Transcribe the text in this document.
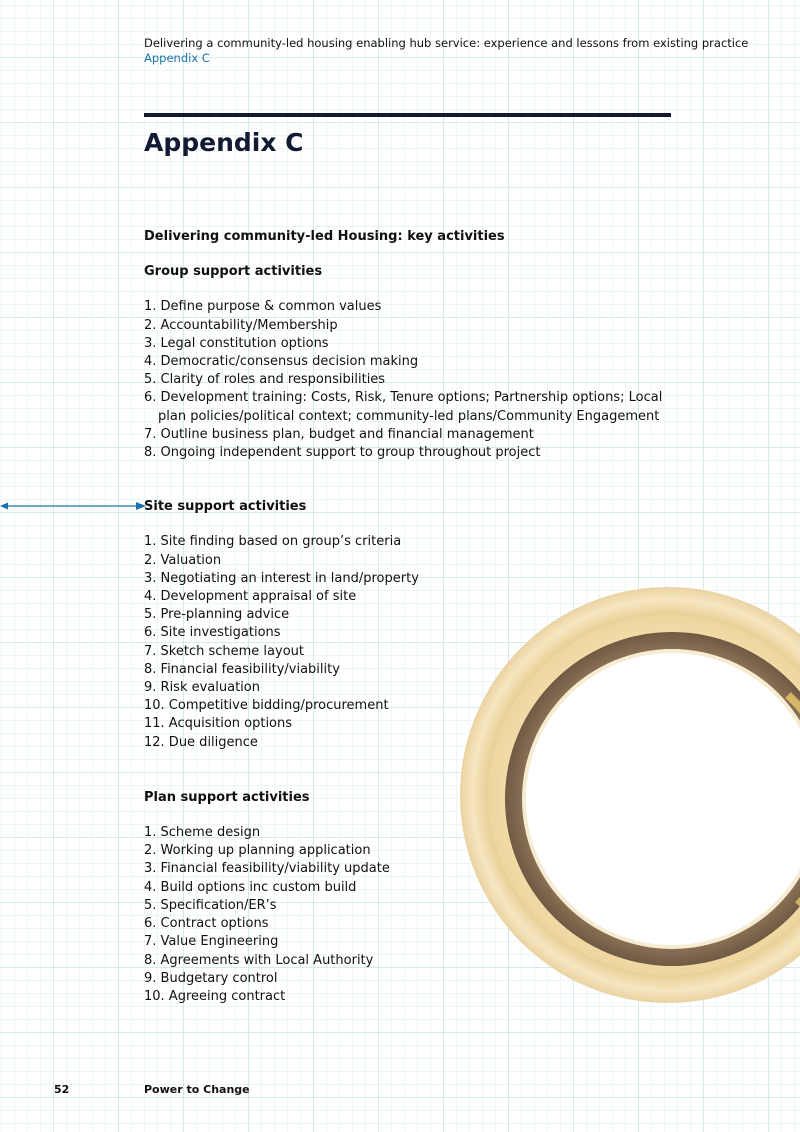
Delivering a community-led housing enabling hub service: experience and lessons from existing practice
Appendix C
Appendix C
Delivering community-led Housing: key activities
Group support activities
1. Define purpose & common values
2. Accountability/Membership
3. Legal constitution options
4. Democratic/consensus decision making
5. Clarity of roles and responsibilities
6. Development training: Costs, Risk, Tenure options; Partnership options; Local plan policies/political context; community-led plans/Community Engagement
7. Outline business plan, budget and financial management
8. Ongoing independent support to group throughout project
Site support activities
1. Site finding based on group’s criteria
2. Valuation
3. Negotiating an interest in land/property
4. Development appraisal of site
5. Pre-planning advice
6. Site investigations
7. Sketch scheme layout
8. Financial feasibility/viability
9. Risk evaluation
10. Competitive bidding/procurement
11. Acquisition options
12. Due diligence
Plan support activities
1. Scheme design
2. Working up planning application
3. Financial feasibility/viability update
4. Build options inc custom build
5. Specification/ER’s
6. Contract options
7. Value Engineering
8. Agreements with Local Authority
9. Budgetary control
10. Agreeing contract
52	Power to Change
